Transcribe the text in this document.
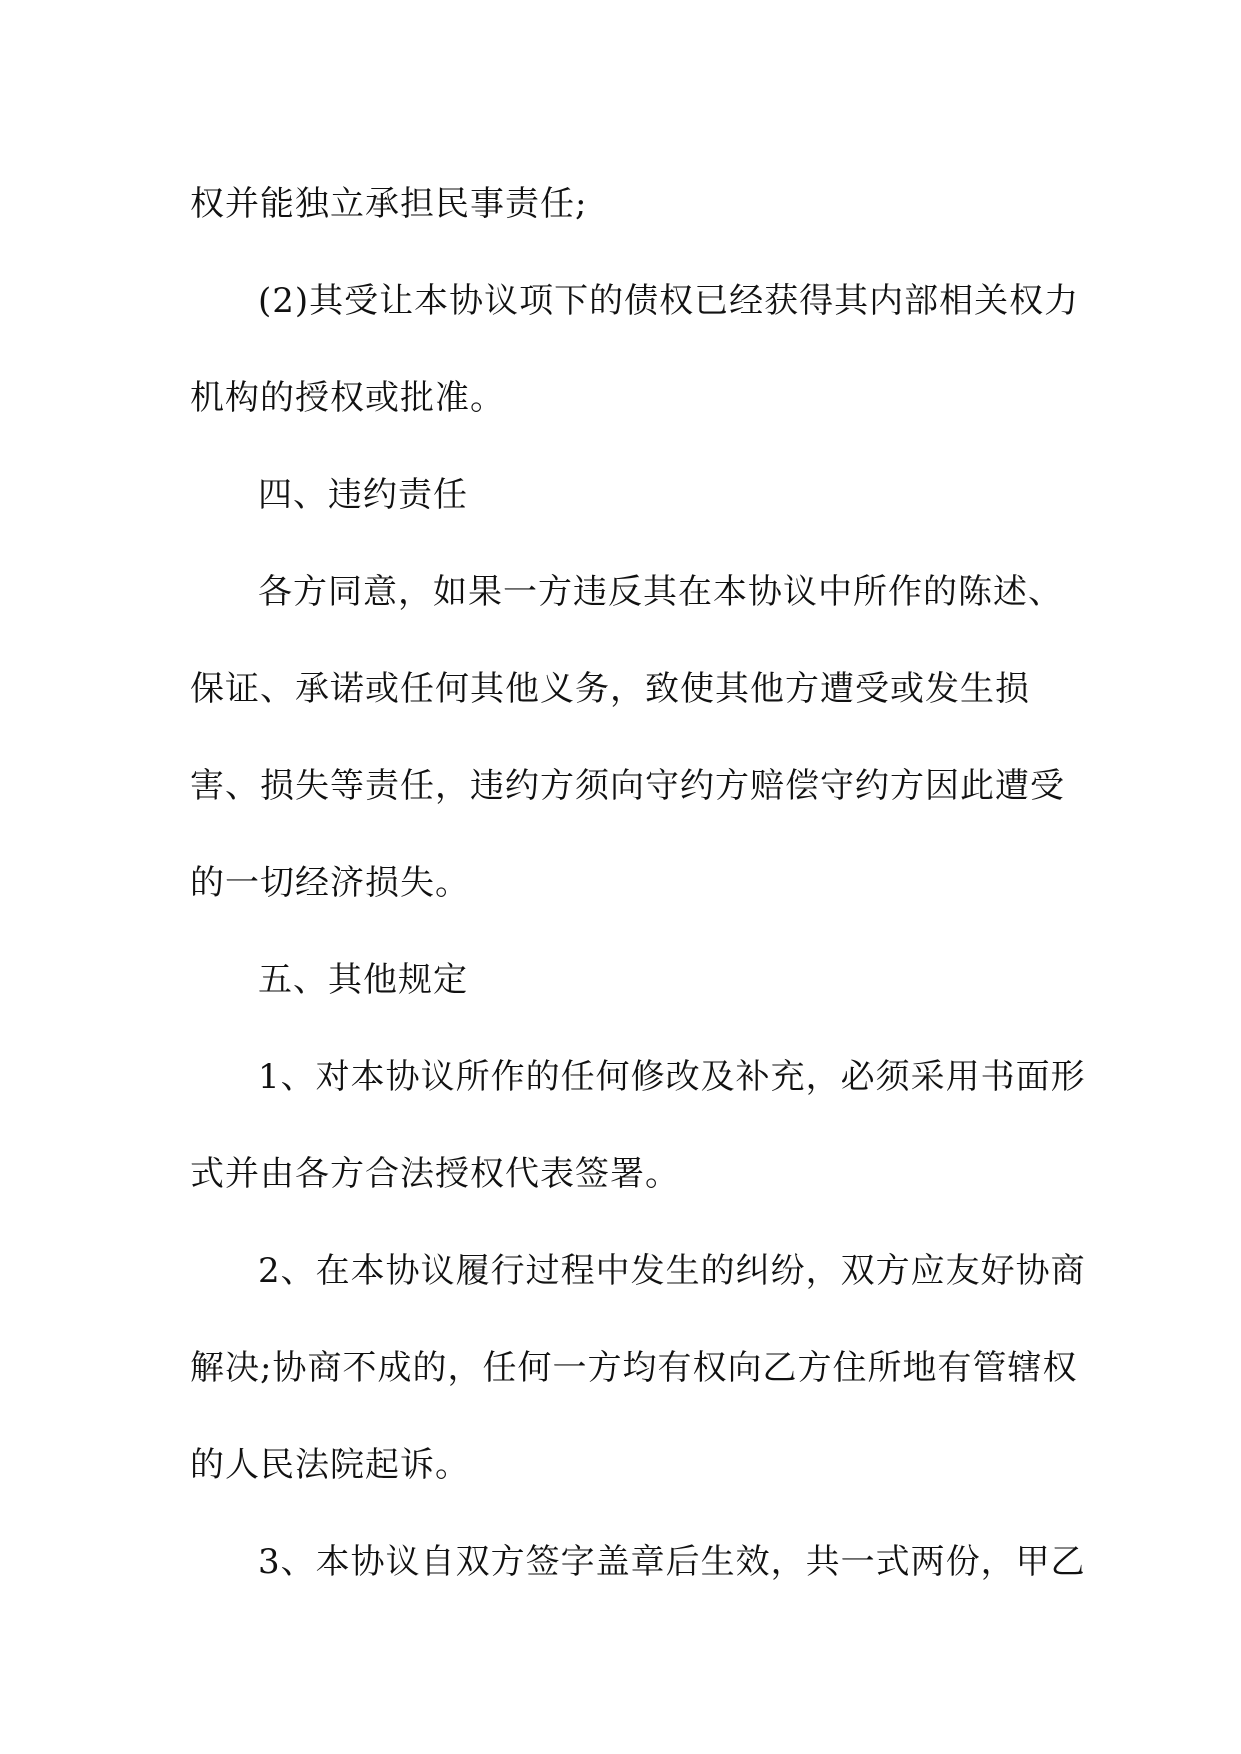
权并能独立承担民事责任;
(2)其受让本协议项下的债权已经获得其内部相关权力
机构的授权或批准。
四、违约责任
各方同意，如果一方违反其在本协议中所作的陈述、
保证、承诺或任何其他义务，致使其他方遭受或发生损
害、损失等责任，违约方须向守约方赔偿守约方因此遭受
的一切经济损失。
五、其他规定
1、对本协议所作的任何修改及补充，必须采用书面形
式并由各方合法授权代表签署。
2、在本协议履行过程中发生的纠纷，双方应友好协商
解决;协商不成的，任何一方均有权向乙方住所地有管辖权
的人民法院起诉。
3、本协议自双方签字盖章后生效，共一式两份，甲乙
